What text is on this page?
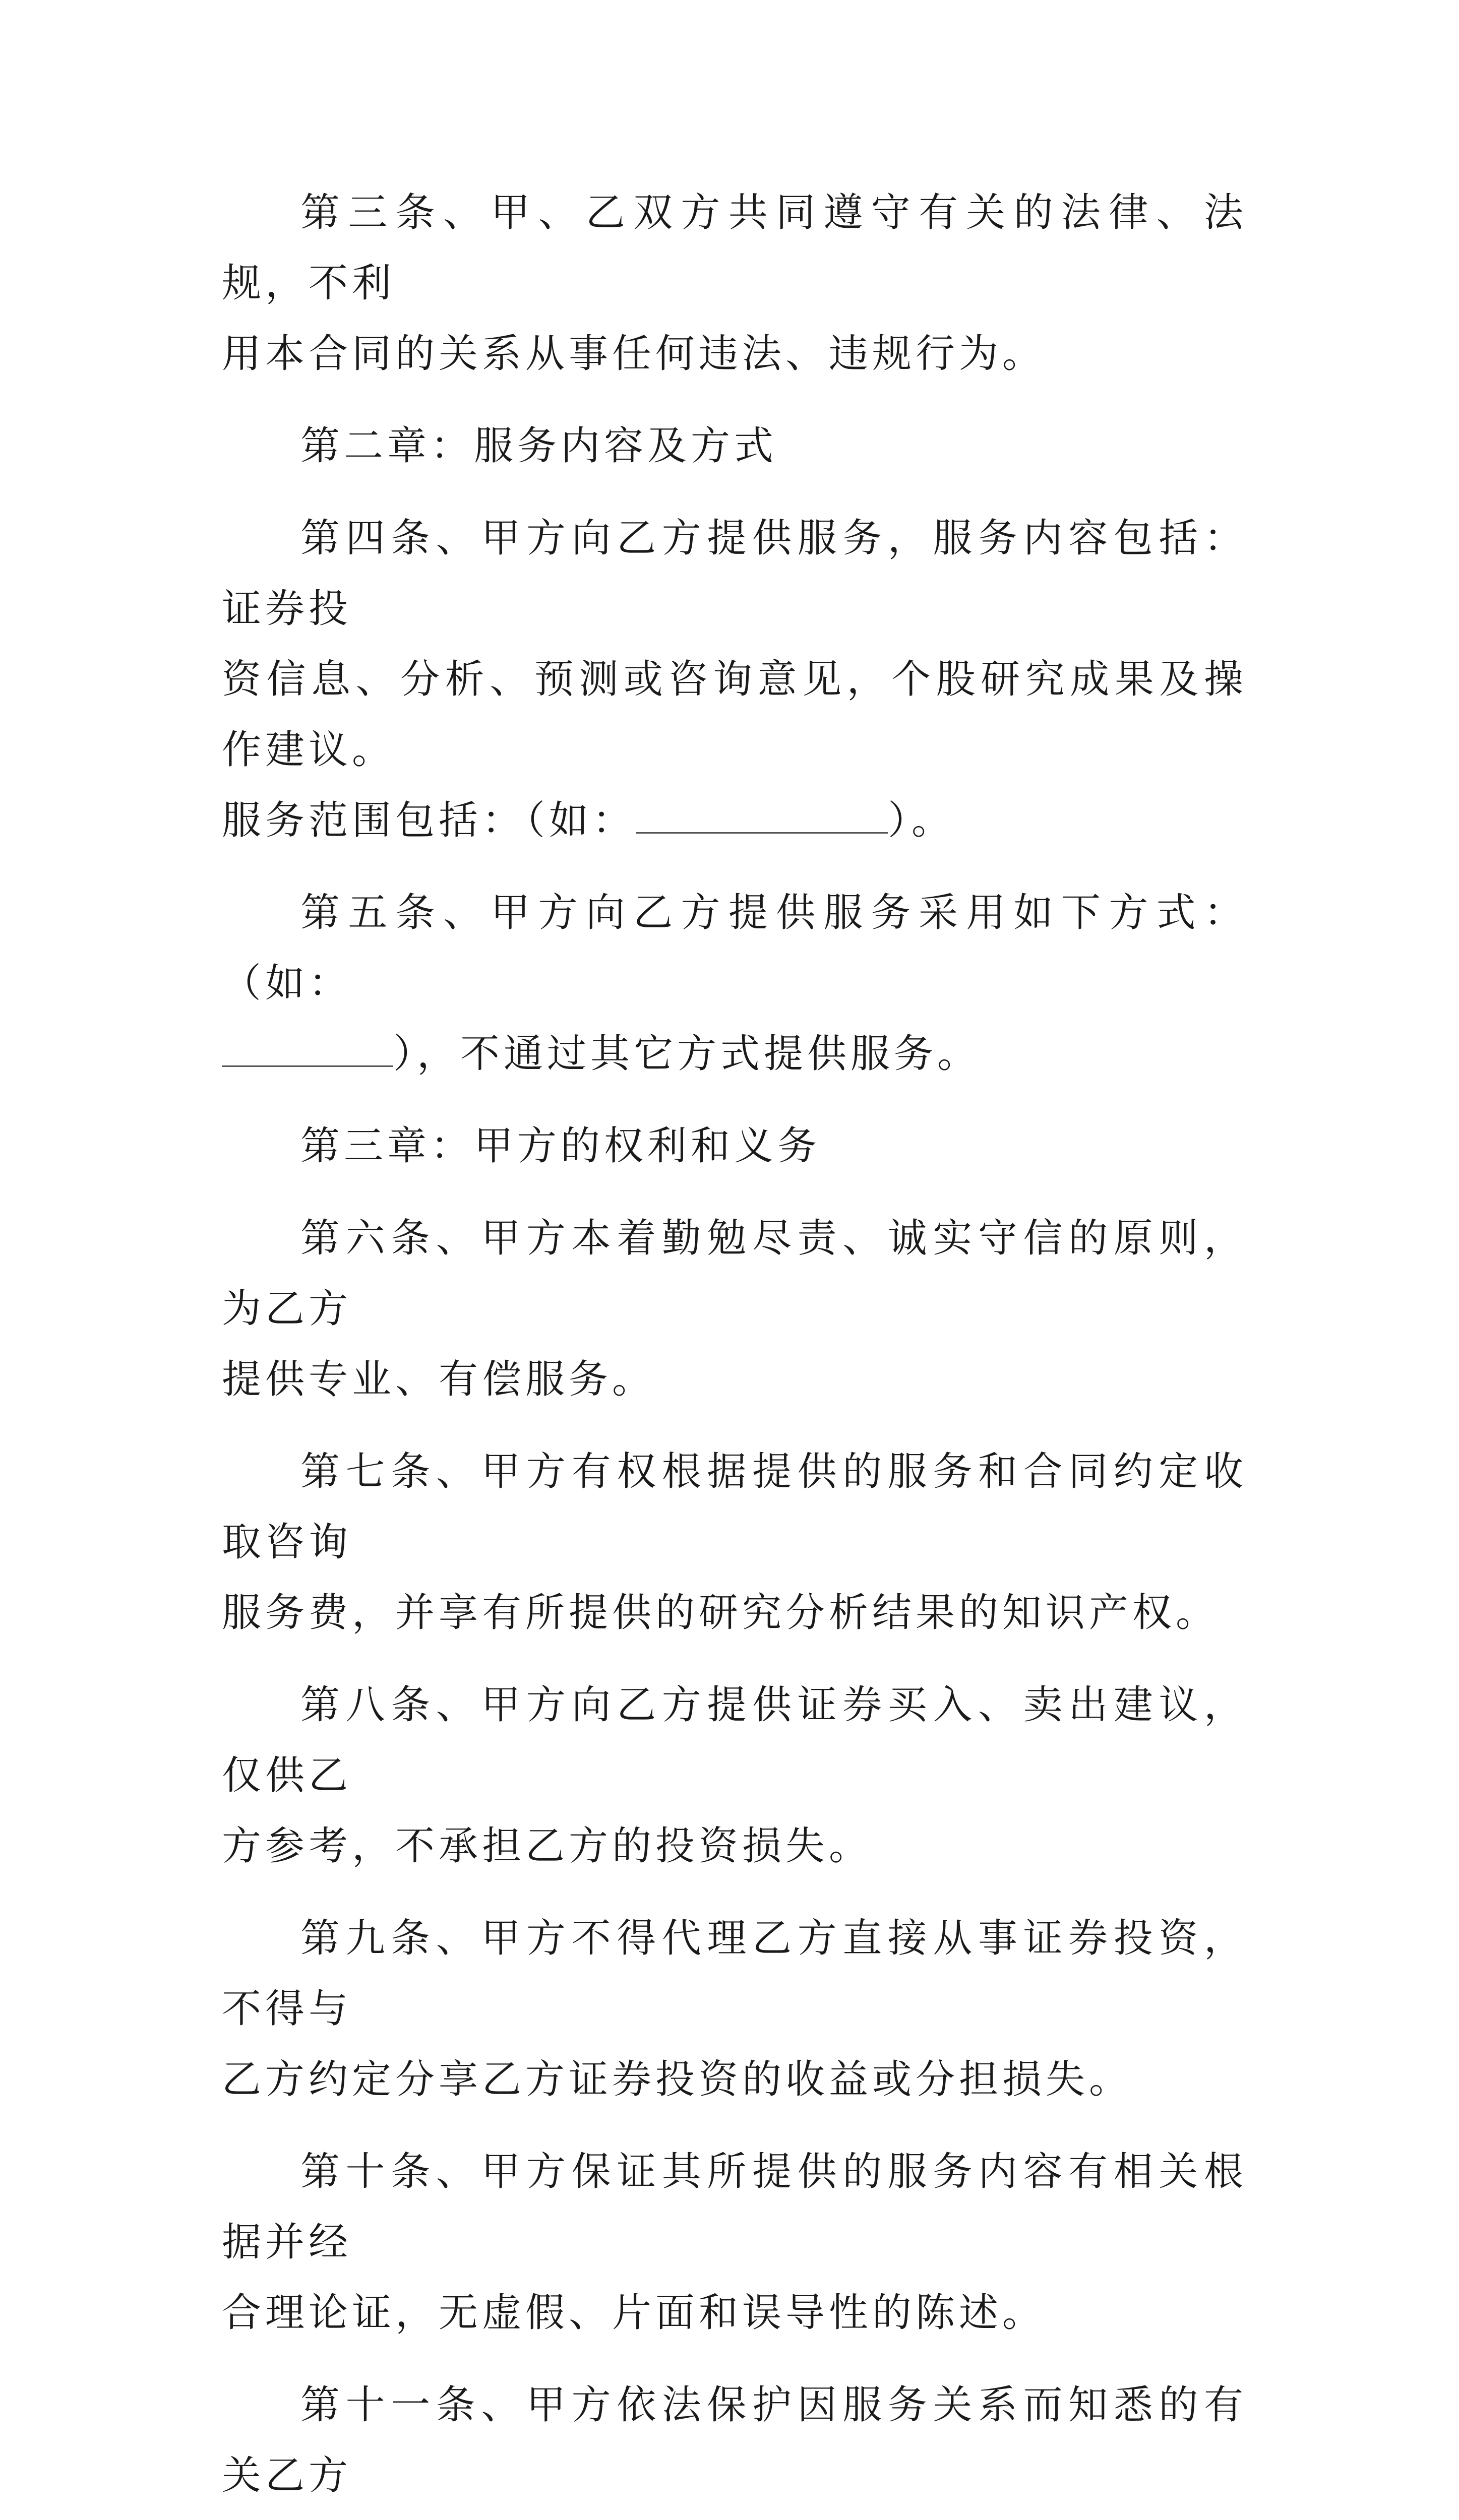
第三条、甲、乙双方共同遵守有关的法律、法规，不利
用本合同的关系从事任何违法、违规行为。

第二章：服务内容及方式

第四条、甲方向乙方提供服务，服务内容包括：证券投
资信息、分析、预测或咨询意见，个股研究成果及操作建议。
服务范围包括：（如：	）。

第五条、甲方向乙方提供服务采用如下方式：（如：
），不通过其它方式提供服务。

第三章：甲方的权利和义务

第六条、甲方本着勤勉尽责、诚实守信的原则，为乙方
提供专业、有偿服务。

第七条、甲方有权根据提供的服务和合同约定收取咨询
服务费，并享有所提供的研究分析结果的知识产权。

第八条、甲方向乙方提供证券买入、卖出建议，仅供乙
方参考，不承担乙方的投资损失。

第九条、甲方不得代理乙方直接从事证券投资，不得与
乙方约定分享乙方证券投资的收益或分担损失。

第十条、甲方保证其所提供的服务内容有相关根据并经
合理论证，无虚假、片面和误导性的陈述。

第十一条、甲方依法保护因服务关系而知悉的有关乙方
